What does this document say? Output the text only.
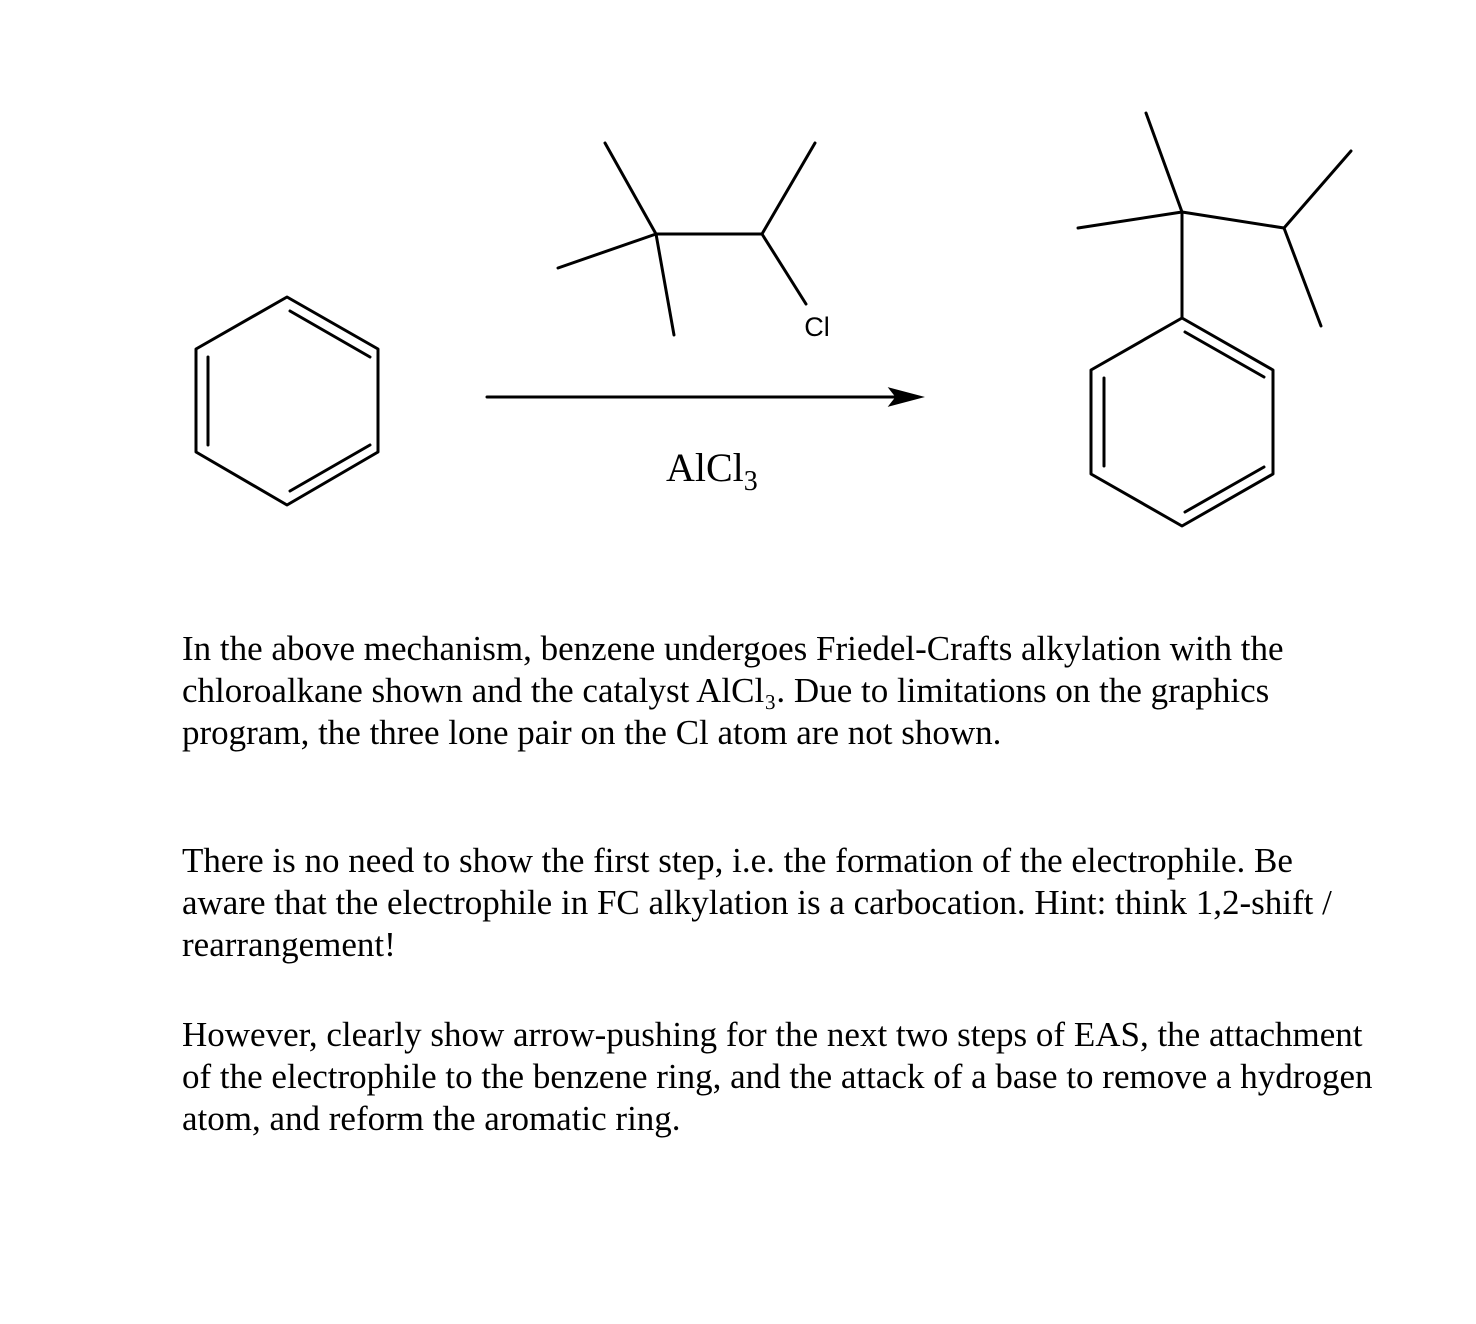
Cl
AlCl$_3$

In the above mechanism, benzene undergoes Friedel-Crafts alkylation with the chloroalkane shown and the catalyst AlCl₃. Due to limitations on the graphics program, the three lone pair on the Cl atom are not shown.

There is no need to show the first step, i.e. the formation of the electrophile. Be aware that the electrophile in FC alkylation is a carbocation. Hint: think 1,2-shift / rearrangement!

However, clearly show arrow-pushing for the next two steps of EAS, the attachment of the electrophile to the benzene ring, and the attack of a base to remove a hydrogen atom, and reform the aromatic ring.
